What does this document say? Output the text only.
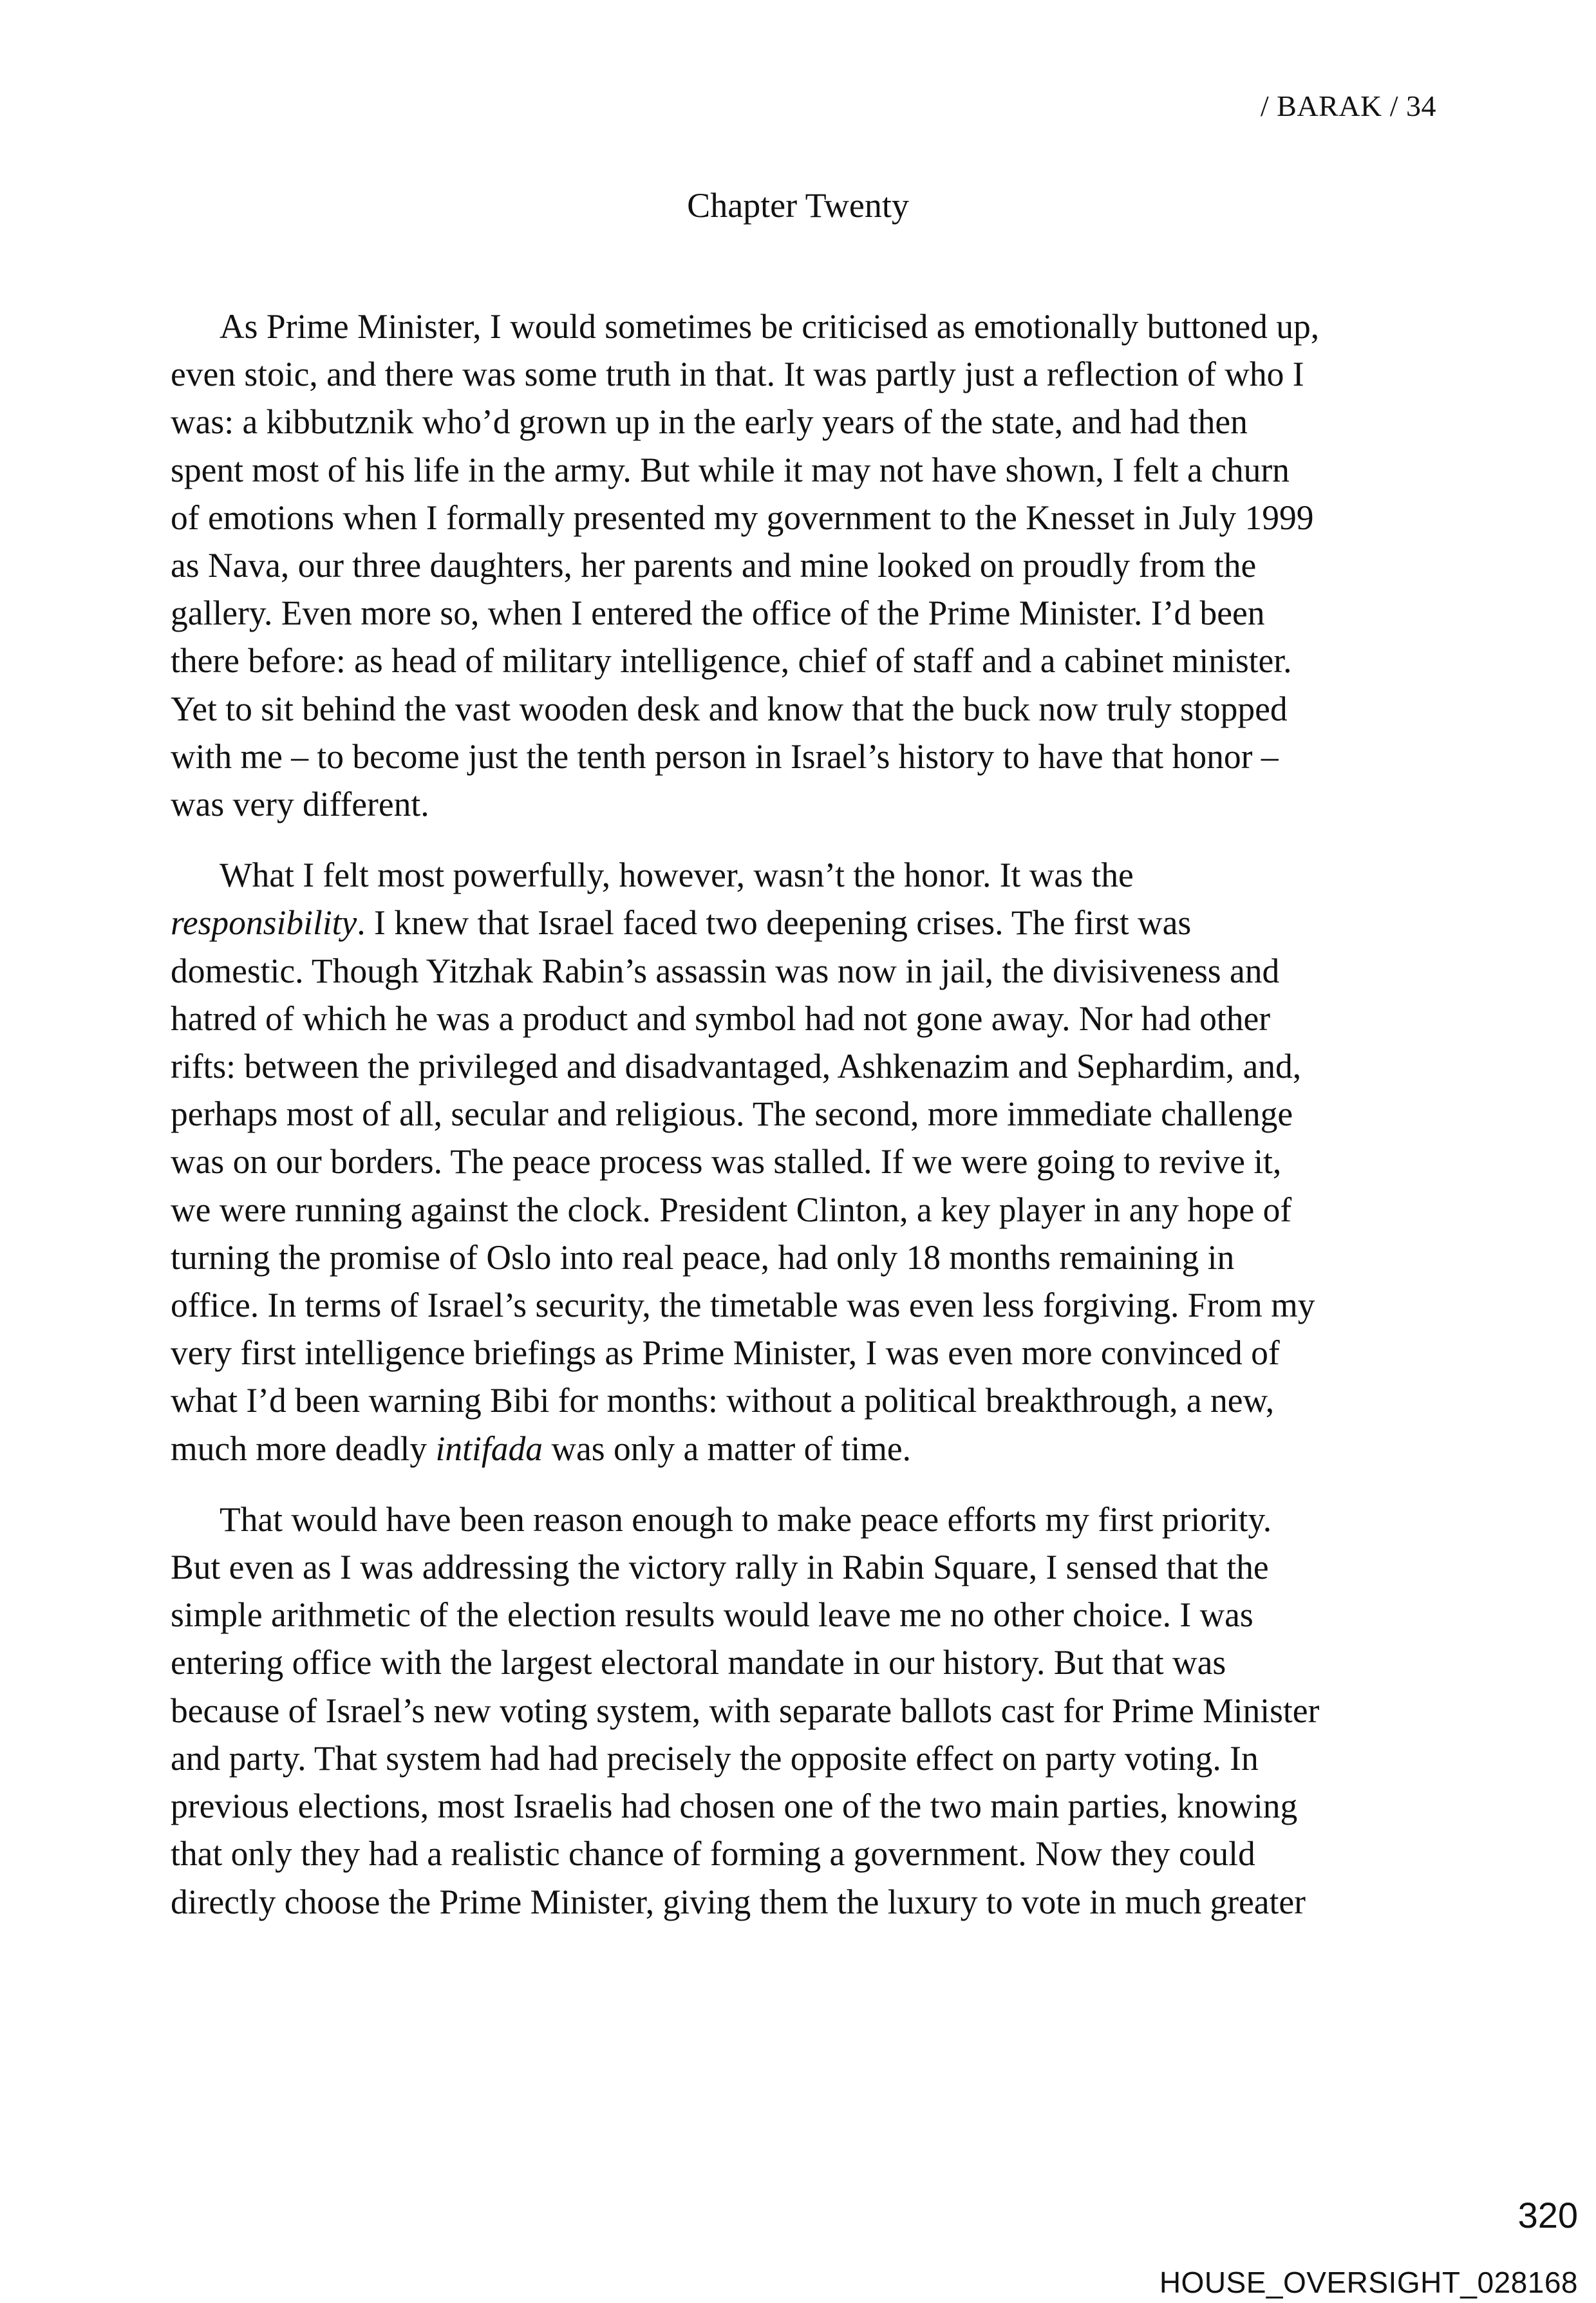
/ BARAK / 34
Chapter Twenty

As Prime Minister, I would sometimes be criticised as emotionally buttoned up,
even stoic, and there was some truth in that. It was partly just a reflection of who I
was: a kibbutznik who’d grown up in the early years of the state, and had then
spent most of his life in the army. But while it may not have shown, I felt a churn
of emotions when I formally presented my government to the Knesset in July 1999
as Nava, our three daughters, her parents and mine looked on proudly from the
gallery. Even more so, when I entered the office of the Prime Minister. I’d been
there before: as head of military intelligence, chief of staff and a cabinet minister.
Yet to sit behind the vast wooden desk and know that the buck now truly stopped
with me – to become just the tenth person in Israel’s history to have that honor –
was very different.

What I felt most powerfully, however, wasn’t the honor. It was the
responsibility. I knew that Israel faced two deepening crises. The first was
domestic. Though Yitzhak Rabin’s assassin was now in jail, the divisiveness and
hatred of which he was a product and symbol had not gone away. Nor had other
rifts: between the privileged and disadvantaged, Ashkenazim and Sephardim, and,
perhaps most of all, secular and religious. The second, more immediate challenge
was on our borders. The peace process was stalled. If we were going to revive it,
we were running against the clock. President Clinton, a key player in any hope of
turning the promise of Oslo into real peace, had only 18 months remaining in
office. In terms of Israel’s security, the timetable was even less forgiving. From my
very first intelligence briefings as Prime Minister, I was even more convinced of
what I’d been warning Bibi for months: without a political breakthrough, a new,
much more deadly intifada was only a matter of time.

That would have been reason enough to make peace efforts my first priority.
But even as I was addressing the victory rally in Rabin Square, I sensed that the
simple arithmetic of the election results would leave me no other choice. I was
entering office with the largest electoral mandate in our history. But that was
because of Israel’s new voting system, with separate ballots cast for Prime Minister
and party. That system had had precisely the opposite effect on party voting. In
previous elections, most Israelis had chosen one of the two main parties, knowing
that only they had a realistic chance of forming a government. Now they could
directly choose the Prime Minister, giving them the luxury to vote in much greater

320
HOUSE_OVERSIGHT_028168
